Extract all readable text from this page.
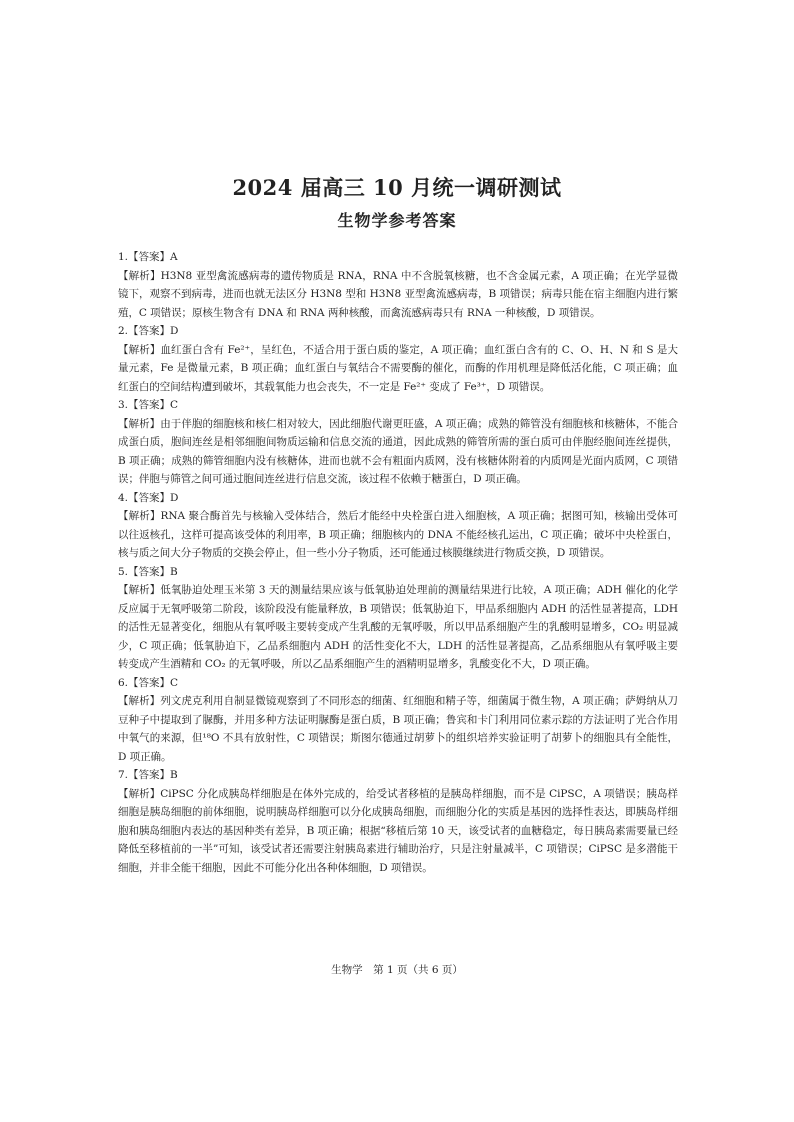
2024 届高三 10 月统一调研测试
生物学参考答案
1.【答案】A
【解析】H3N8 亚型禽流感病毒的遗传物质是 RNA，RNA 中不含脱氧核糖，也不含金属元素，A 项正确；在光学显微镜下，观察不到病毒，进而也就无法区分 H3N8 型和 H3N8 亚型禽流感病毒，B 项错误；病毒只能在宿主细胞内进行繁殖，C 项错误；原核生物含有 DNA 和 RNA 两种核酸，而禽流感病毒只有 RNA 一种核酸，D 项错误。
2.【答案】D
【解析】血红蛋白含有 Fe²⁺，呈红色，不适合用于蛋白质的鉴定，A 项正确；血红蛋白含有的 C、O、H、N 和 S 是大量元素，Fe 是微量元素，B 项正确；血红蛋白与氧结合不需要酶的催化，而酶的作用机理是降低活化能，C 项正确；血红蛋白的空间结构遭到破坏，其载氧能力也会丧失，不一定是 Fe²⁺ 变成了 Fe³⁺，D 项错误。
3.【答案】C
【解析】由于伴胞的细胞核和核仁相对较大，因此细胞代谢更旺盛，A 项正确；成熟的筛管没有细胞核和核糖体，不能合成蛋白质，胞间连丝是相邻细胞间物质运输和信息交流的通道，因此成熟的筛管所需的蛋白质可由伴胞经胞间连丝提供，B 项正确；成熟的筛管细胞内没有核糖体，进而也就不会有粗面内质网，没有核糖体附着的内质网是光面内质网，C 项错误；伴胞与筛管之间可通过胞间连丝进行信息交流，该过程不依赖于糖蛋白，D 项正确。
4.【答案】D
【解析】RNA 聚合酶首先与核输入受体结合，然后才能经中央栓蛋白进入细胞核，A 项正确；据图可知，核输出受体可以往返核孔，这样可提高该受体的利用率，B 项正确；细胞核内的 DNA 不能经核孔运出，C 项正确；破坏中央栓蛋白，核与质之间大分子物质的交换会停止，但一些小分子物质，还可能通过核膜继续进行物质交换，D 项错误。
5.【答案】B
【解析】低氧胁迫处理玉米第 3 天的测量结果应该与低氧胁迫处理前的测量结果进行比较，A 项正确；ADH 催化的化学反应属于无氧呼吸第二阶段，该阶段没有能量释放，B 项错误；低氧胁迫下，甲品系细胞内 ADH 的活性显著提高，LDH 的活性无显著变化，细胞从有氧呼吸主要转变成产生乳酸的无氧呼吸，所以甲品系细胞产生的乳酸明显增多，CO₂ 明显减少，C 项正确；低氧胁迫下，乙品系细胞内 ADH 的活性变化不大，LDH 的活性显著提高，乙品系细胞从有氧呼吸主要转变成产生酒精和 CO₂ 的无氧呼吸，所以乙品系细胞产生的酒精明显增多，乳酸变化不大，D 项正确。
6.【答案】C
【解析】列文虎克利用自制显微镜观察到了不同形态的细菌、红细胞和精子等，细菌属于微生物，A 项正确；萨姆纳从刀豆种子中提取到了脲酶，并用多种方法证明脲酶是蛋白质，B 项正确；鲁宾和卡门利用同位素示踪的方法证明了光合作用中氧气的来源，但¹⁸O 不具有放射性，C 项错误；斯图尔德通过胡萝卜的组织培养实验证明了胡萝卜的细胞具有全能性，D 项正确。
7.【答案】B
【解析】CiPSC 分化成胰岛样细胞是在体外完成的，给受试者移植的是胰岛样细胞，而不是 CiPSC，A 项错误；胰岛样细胞是胰岛细胞的前体细胞，说明胰岛样细胞可以分化成胰岛细胞，而细胞分化的实质是基因的选择性表达，即胰岛样细胞和胰岛细胞内表达的基因种类有差异，B 项正确；根据“移植后第 10 天，该受试者的血糖稳定，每日胰岛素需要量已经降低至移植前的一半”可知，该受试者还需要注射胰岛素进行辅助治疗，只是注射量减半，C 项错误；CiPSC 是多潜能干细胞，并非全能干细胞，因此不可能分化出各种体细胞，D 项错误。
生物学　第 1 页（共 6 页）
